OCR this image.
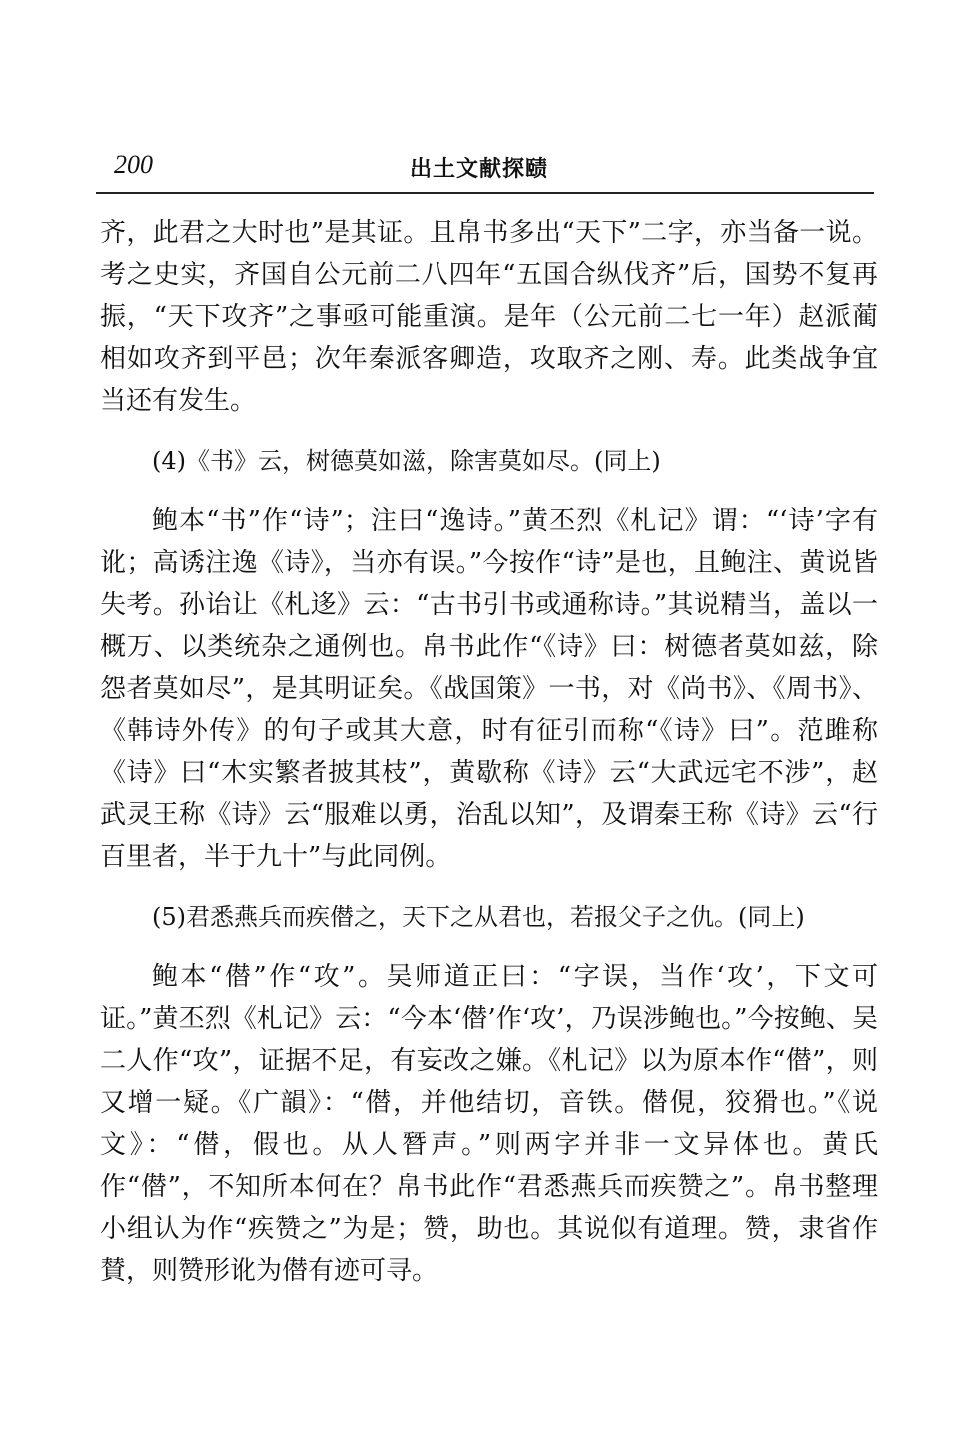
200	出土文献探赜

齐，此君之大时也”是其证。且帛书多出“天下”二字，亦当备一说。考之史实，齐国自公元前二八四年“五国合纵伐齐”后，国势不复再振，“天下攻齐”之事亟可能重演。是年（公元前二七一年）赵派蔺相如攻齐到平邑；次年秦派客卿造，攻取齐之刚、寿。此类战争宜当还有发生。

(4)《书》云，树德莫如滋，除害莫如尽。(同上)

鲍本“书”作“诗”；注曰“逸诗。”黄丕烈《札记》谓：“‘诗’字有讹；高诱注逸《诗》，当亦有误。”今按作“诗”是也，且鲍注、黄说皆失考。孙诒让《札迻》云：“古书引书或通称诗。”其说精当，盖以一概万、以类统杂之通例也。帛书此作“《诗》曰：树德者莫如兹，除怨者莫如尽”，是其明证矣。《战国策》一书，对《尚书》、《周书》、《韩诗外传》的句子或其大意，时有征引而称“《诗》曰”。范雎称《诗》曰“木实繁者披其枝”，黄歇称《诗》云“大武远宅不涉”，赵武灵王称《诗》云“服难以勇，治乱以知”，及谓秦王称《诗》云“行百里者，半于九十”与此同例。

(5)君悉燕兵而疾僣之，天下之从君也，若报父子之仇。(同上)

鲍本“僣”作“攻”。吴师道正曰：“字误，当作‘攻’，下文可证。”黄丕烈《札记》云：“今本‘僣’作‘攻’，乃误涉鲍也。”今按鲍、吴二人作“攻”，证据不足，有妄改之嫌。《札记》以为原本作“僣”，则又增一疑。《广韻》：“僣，并他结切，音铁。僣俔，狡猾也。”《说文》：“僣，假也。从人朁声。”则两字并非一文异体也。黄氏作“僣”，不知所本何在？帛书此作“君悉燕兵而疾赞之”。帛书整理小组认为作“疾赞之”为是；赞，助也。其说似有道理。赞，隶省作賛，则赞形讹为僣有迹可寻。
